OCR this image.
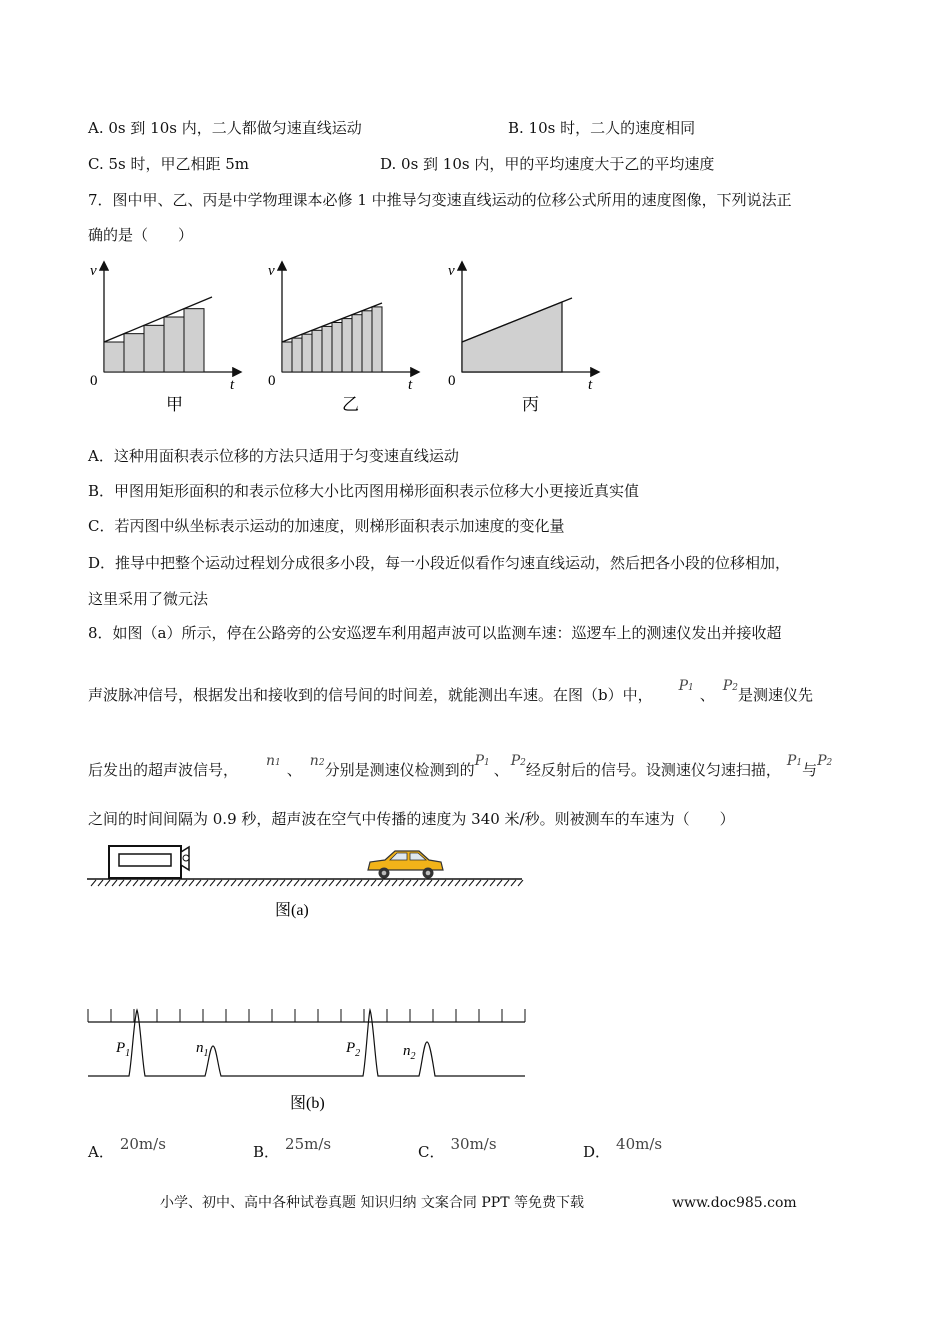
A. 0s 到 10s 内，二人都做匀速直线运动	B. 10s 时，二人的速度相同
C. 5s 时，甲乙相距 5m	D. 0s 到 10s 内，甲的平均速度大于乙的平均速度
7．图中甲、乙、丙是中学物理课本必修 1 中推导匀变速直线运动的位移公式所用的速度图像，下列说法正
确的是（　　）
v
t
0
甲
v
t
0
乙
v
t
0
丙
A．这种用面积表示位移的方法只适用于匀变速直线运动
B．甲图用矩形面积的和表示位移大小比丙图用梯形面积表示位移大小更接近真实值
C．若丙图中纵坐标表示运动的加速度，则梯形面积表示加速度的变化量
D．推导中把整个运动过程划分成很多小段，每一小段近似看作匀速直线运动，然后把各小段的位移相加，
这里采用了微元法
8．如图（a）所示，停在公路旁的公安巡逻车利用超声波可以监测车速：巡逻车上的测速仪发出并接收超
声波脉冲信号，根据发出和接收到的信号间的时间差，就能测出车速。在图（b）中， P1 、 P2是测速仪先
后发出的超声波信号， n1 、 n2分别是测速仪检测到的P1 、 P2经反射后的信号。设测速仪匀速扫描， P1与P2
之间的时间间隔为 0.9 秒，超声波在空气中传播的速度为 340 米/秒。则被测车的车速为（　　）
图(a)
$P_1$	$n_1$	$P_2$	$n_2$
图(b)
A． 20m/s	B． 25m/s	C． 30m/s	D． 40m/s
小学、初中、高中各种试卷真题 知识归纳 文案合同 PPT 等免费下载	www.doc985.com
